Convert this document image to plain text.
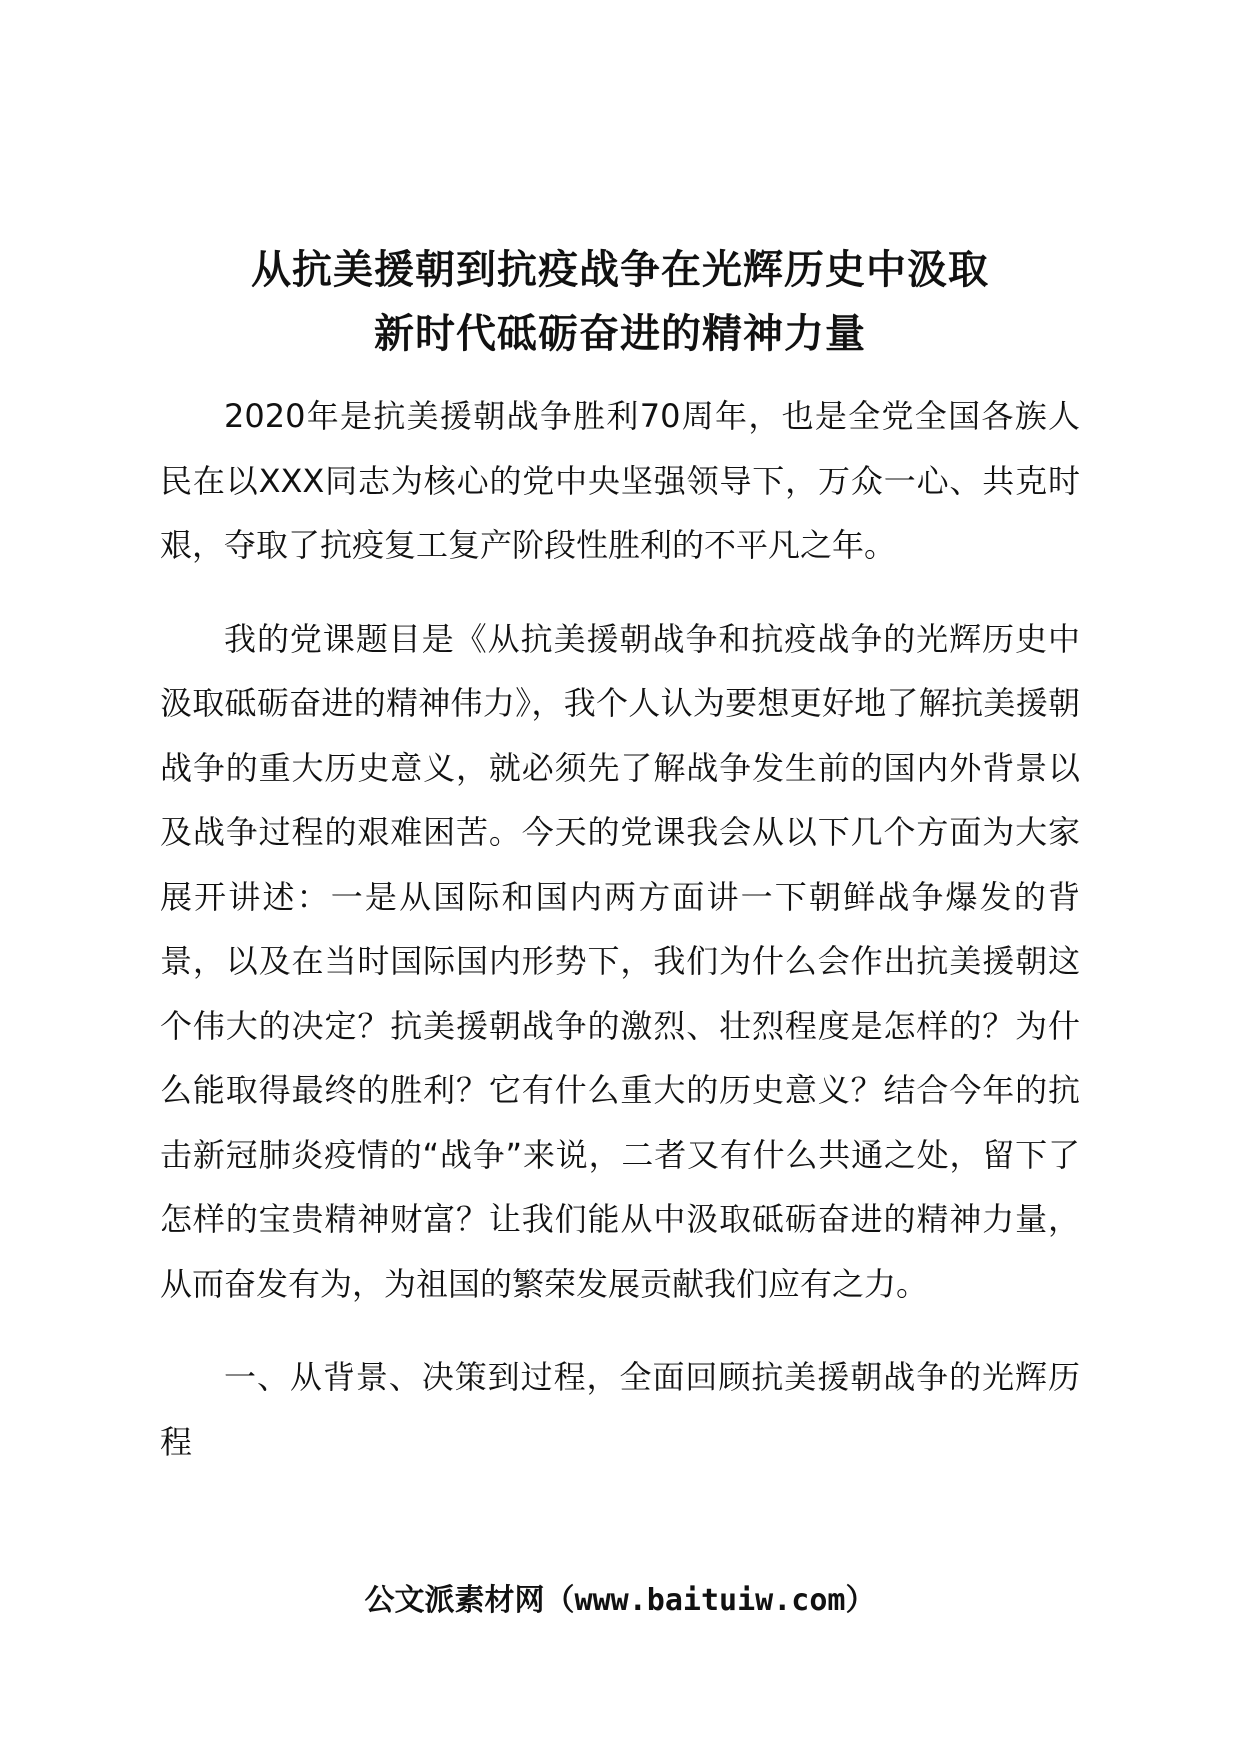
从抗美援朝到抗疫战争在光辉历史中汲取
新时代砥砺奋进的精神力量

2020年是抗美援朝战争胜利70周年，也是全党全国各族人民在以XXX同志为核心的党中央坚强领导下，万众一心、共克时艰，夺取了抗疫复工复产阶段性胜利的不平凡之年。

我的党课题目是《从抗美援朝战争和抗疫战争的光辉历史中汲取砥砺奋进的精神伟力》，我个人认为要想更好地了解抗美援朝战争的重大历史意义，就必须先了解战争发生前的国内外背景以及战争过程的艰难困苦。今天的党课我会从以下几个方面为大家展开讲述：一是从国际和国内两方面讲一下朝鲜战争爆发的背景，以及在当时国际国内形势下，我们为什么会作出抗美援朝这个伟大的决定？抗美援朝战争的激烈、壮烈程度是怎样的？为什么能取得最终的胜利？它有什么重大的历史意义？结合今年的抗击新冠肺炎疫情的“战争”来说，二者又有什么共通之处，留下了怎样的宝贵精神财富？让我们能从中汲取砥砺奋进的精神力量，从而奋发有为，为祖国的繁荣发展贡献我们应有之力。

一、从背景、决策到过程，全面回顾抗美援朝战争的光辉历程

公文派素材网（www.baituiw.com）
